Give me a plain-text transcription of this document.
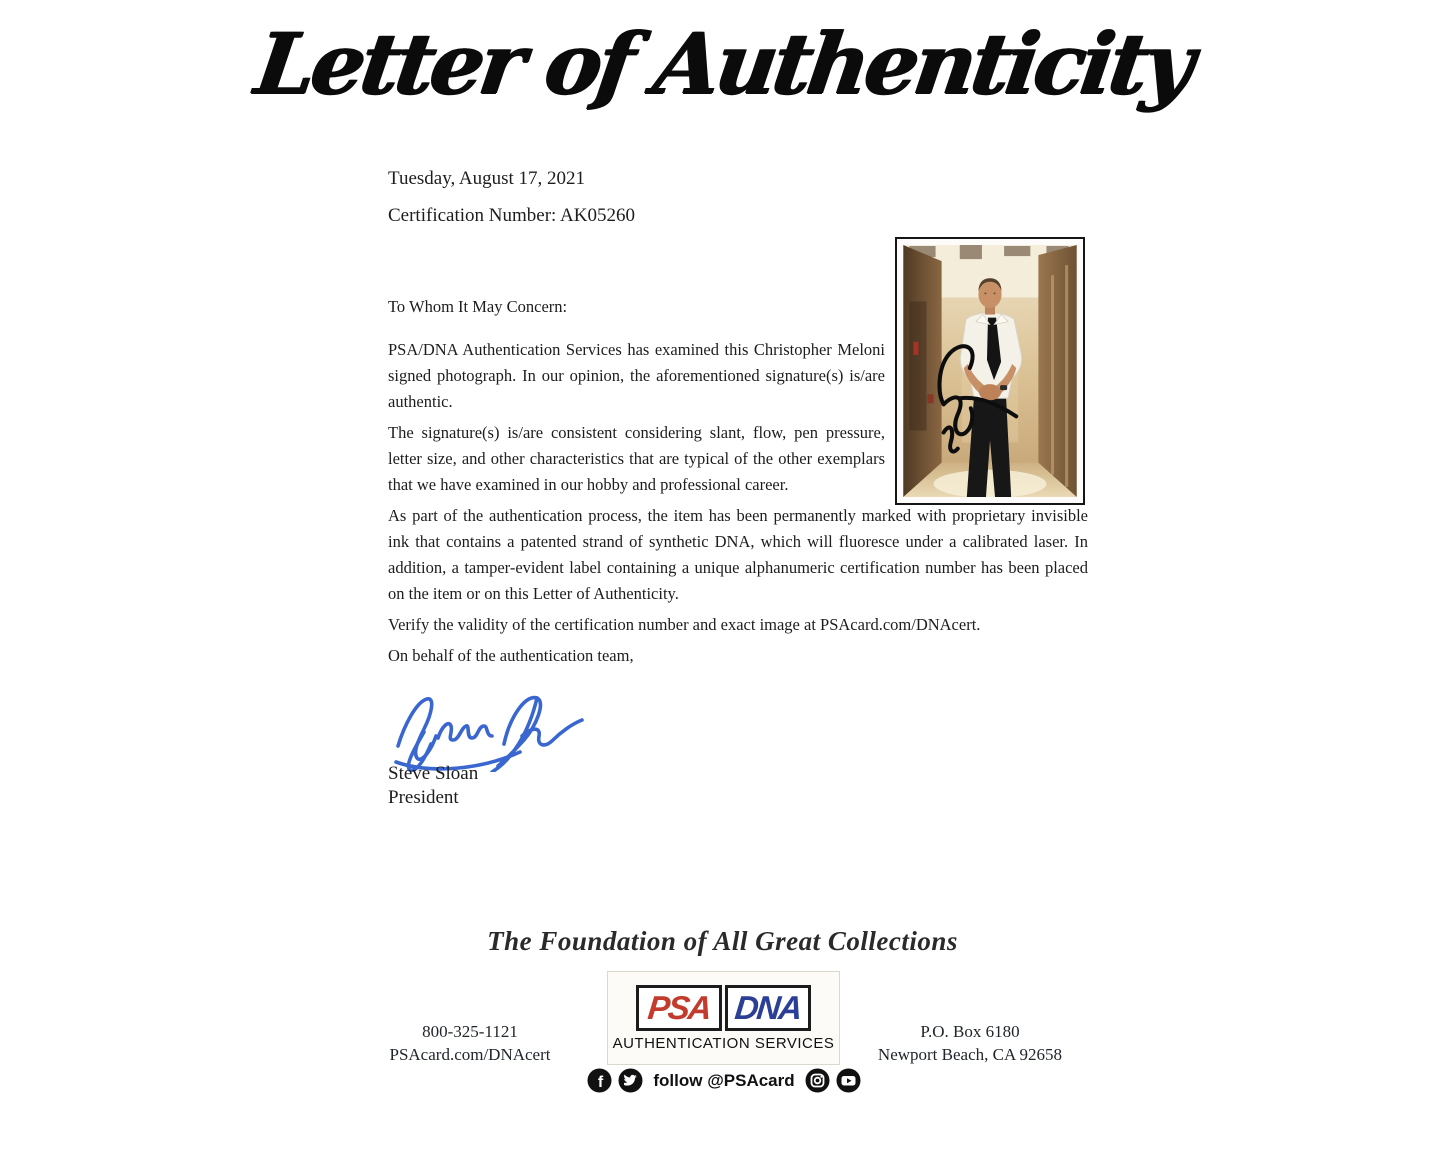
Letter of Authenticity
Tuesday, August 17, 2021
Certification Number: AK05260

To Whom It May Concern:

PSA/DNA Authentication Services has examined this Christopher Meloni signed photograph. In our opinion, the aforementioned signature(s) is/are authentic.

The signature(s) is/are consistent considering slant, flow, pen pressure, letter size, and other characteristics that are typical of the other exemplars that we have examined in our hobby and professional career.

As part of the authentication process, the item has been permanently marked with proprietary invisible ink that contains a patented strand of synthetic DNA, which will fluoresce under a calibrated laser. In addition, a tamper-evident label containing a unique alphanumeric certification number has been placed on the item or on this Letter of Authenticity.

Verify the validity of the certification number and exact image at PSAcard.com/DNAcert.

On behalf of the authentication team,

Steve Sloan
President
The Foundation of All Great Collections
800-325-1121
PSAcard.com/DNAcert
PSA DNA
AUTHENTICATION SERVICES
f	follow @PSAcard
P.O. Box 6180
Newport Beach, CA 92658
